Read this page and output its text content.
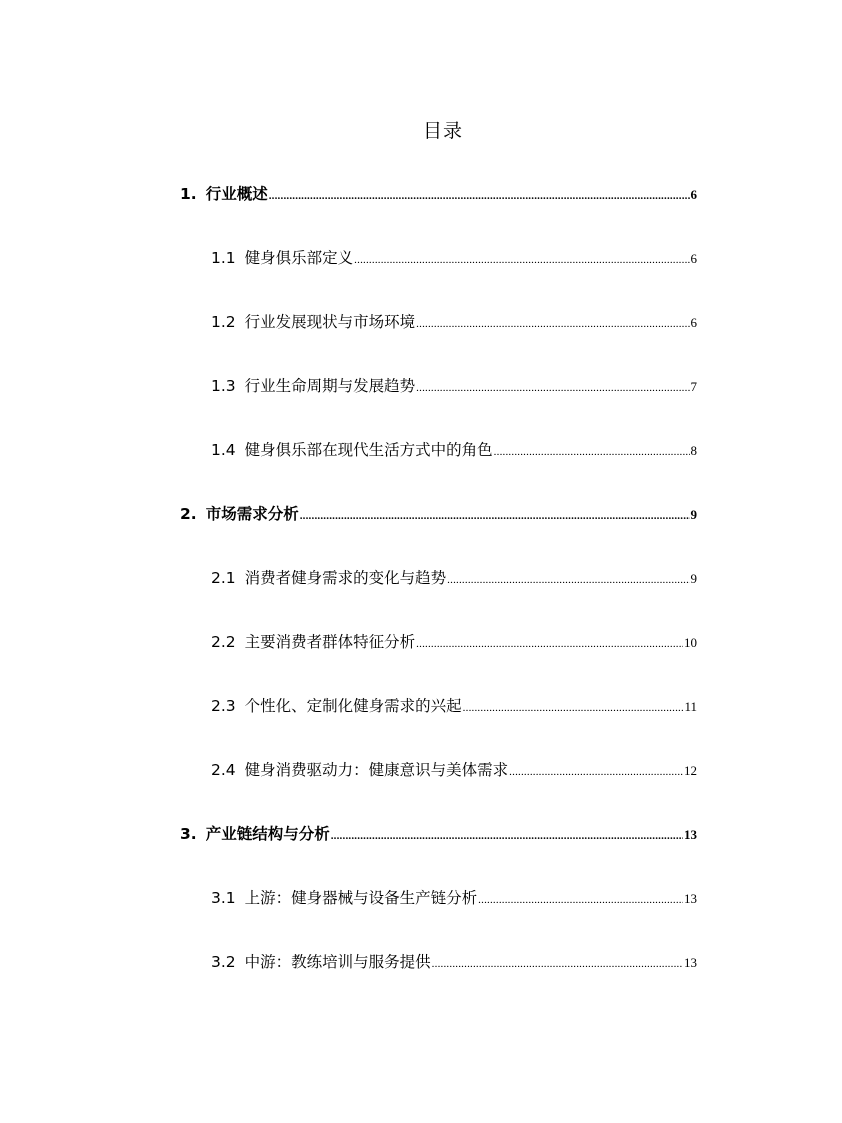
目录
1. 行业概述 .....	6
1.1 健身俱乐部定义 .....	6
1.2 行业发展现状与市场环境 .....	6
1.3 行业生命周期与发展趋势 .....	7
1.4 健身俱乐部在现代生活方式中的角色 .....	8
2. 市场需求分析 .....	9
2.1 消费者健身需求的变化与趋势 .....	9
2.2 主要消费者群体特征分析 .....	10
2.3 个性化、定制化健身需求的兴起 .....	11
2.4 健身消费驱动力：健康意识与美体需求 .....	12
3. 产业链结构与分析 .....	13
3.1 上游：健身器械与设备生产链分析 .....	13
3.2 中游：教练培训与服务提供 .....	13
